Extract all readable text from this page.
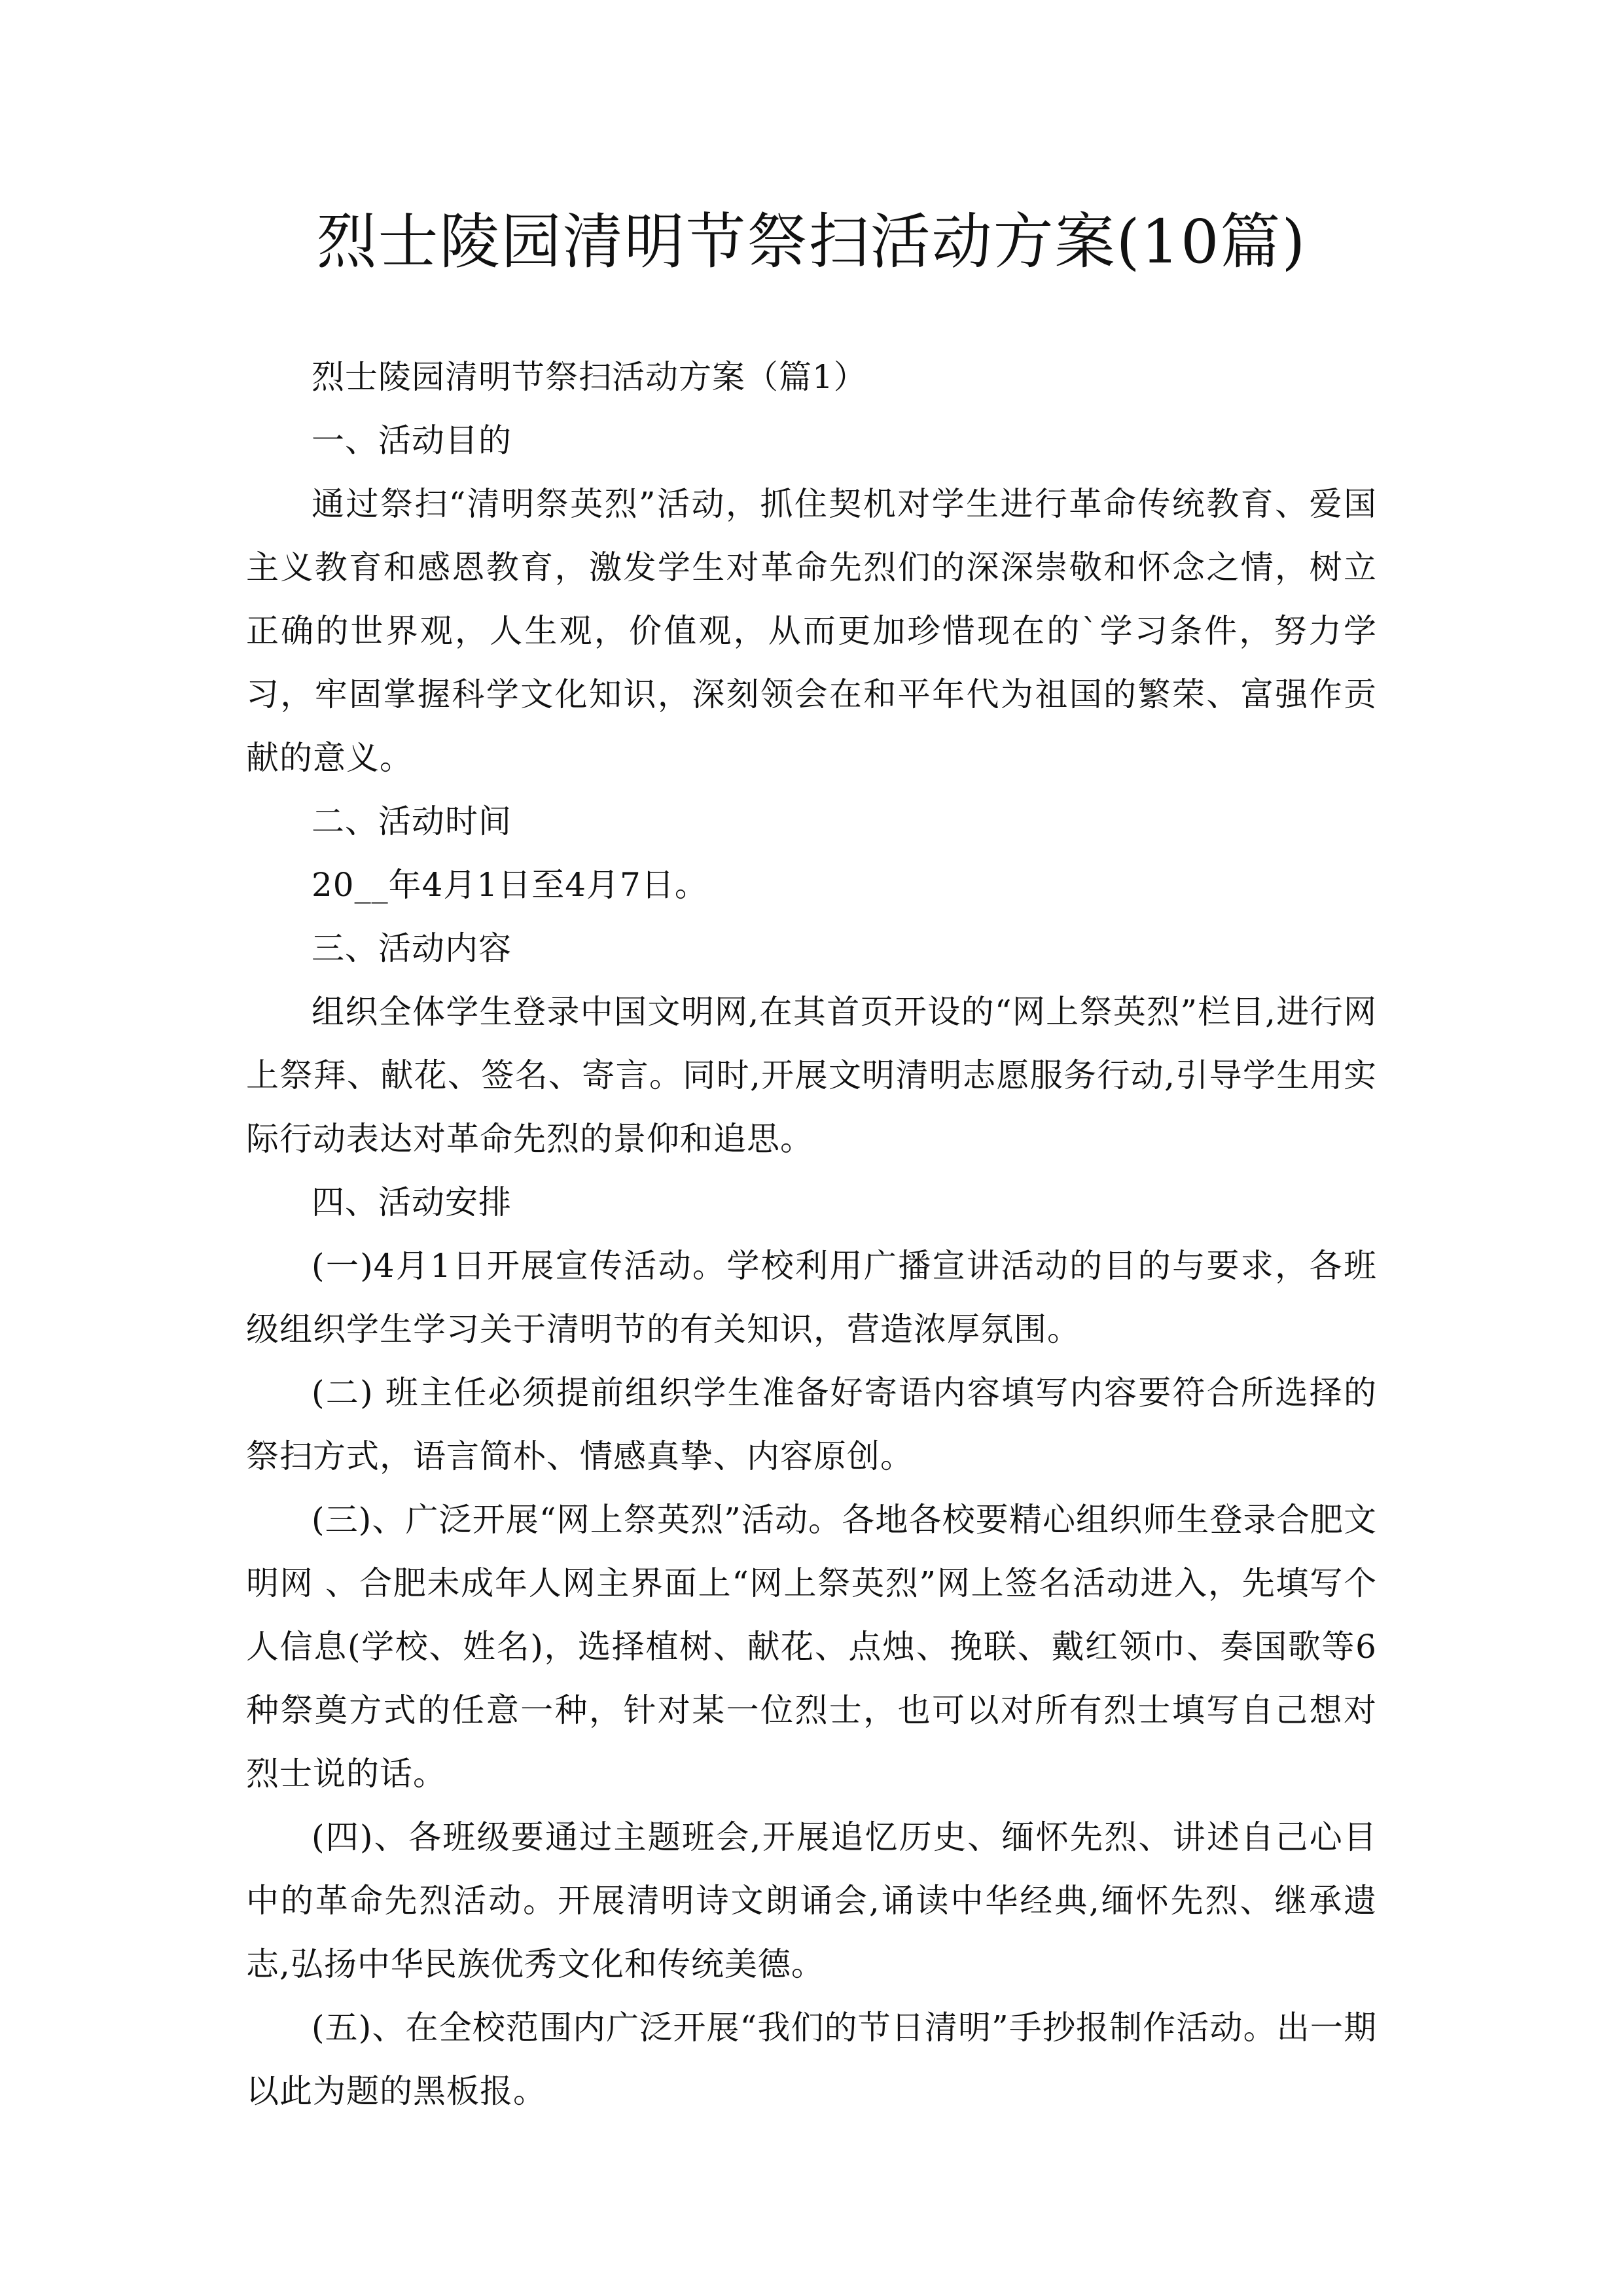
烈士陵园清明节祭扫活动方案(10篇)

烈士陵园清明节祭扫活动方案（篇1）

一、活动目的

通过祭扫“清明祭英烈”活动，抓住契机对学生进行革命传统教育、爱国主义教育和感恩教育，激发学生对革命先烈们的深深崇敬和怀念之情，树立正确的世界观，人生观，价值观，从而更加珍惜现在的`学习条件，努力学习，牢固掌握科学文化知识，深刻领会在和平年代为祖国的繁荣、富强作贡献的意义。

二、活动时间

20__年4月1日至4月7日。

三、活动内容

组织全体学生登录中国文明网,在其首页开设的“网上祭英烈”栏目,进行网上祭拜、献花、签名、寄言。同时,开展文明清明志愿服务行动,引导学生用实际行动表达对革命先烈的景仰和追思。

四、活动安排

(一)4月1日开展宣传活动。学校利用广播宣讲活动的目的与要求，各班级组织学生学习关于清明节的有关知识，营造浓厚氛围。

(二) 班主任必须提前组织学生准备好寄语内容填写内容要符合所选择的祭扫方式，语言简朴、情感真挚、内容原创。

(三)、广泛开展“网上祭英烈”活动。各地各校要精心组织师生登录合肥文明网 、合肥未成年人网主界面上“网上祭英烈”网上签名活动进入，先填写个人信息(学校、姓名)，选择植树、献花、点烛、挽联、戴红领巾、奏国歌等6种祭奠方式的任意一种，针对某一位烈士，也可以对所有烈士填写自己想对烈士说的话。

(四)、各班级要通过主题班会,开展追忆历史、缅怀先烈、讲述自己心目中的革命先烈活动。开展清明诗文朗诵会,诵读中华经典,缅怀先烈、继承遗志,弘扬中华民族优秀文化和传统美德。

(五)、在全校范围内广泛开展“我们的节日清明”手抄报制作活动。出一期以此为题的黑板报。
